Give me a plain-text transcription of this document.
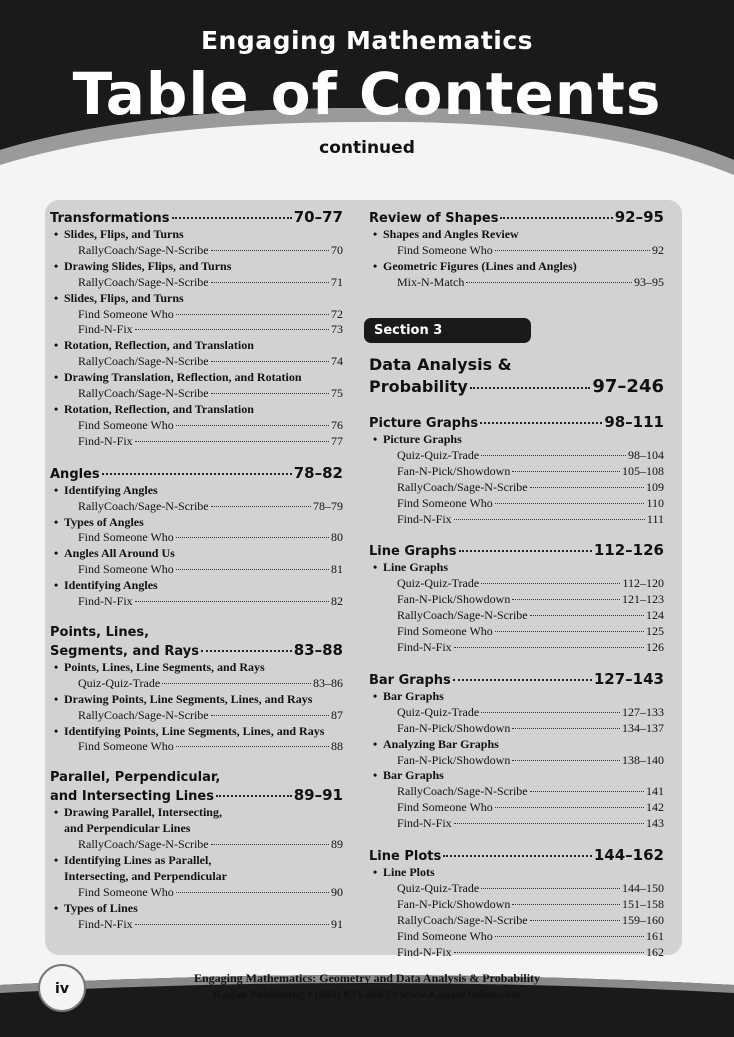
Engaging Mathematics
Table of Contents
continued
Transformations	70–77
• Slides, Flips, and Turns
RallyCoach/Sage-N-Scribe	70
• Drawing Slides, Flips, and Turns
RallyCoach/Sage-N-Scribe	71
• Slides, Flips, and Turns
Find Someone Who	72
Find-N-Fix	73
• Rotation, Reflection, and Translation
RallyCoach/Sage-N-Scribe	74
• Drawing Translation, Reflection, and Rotation
RallyCoach/Sage-N-Scribe	75
• Rotation, Reflection, and Translation
Find Someone Who	76
Find-N-Fix	77
Angles	78–82
• Identifying Angles
RallyCoach/Sage-N-Scribe	78–79
• Types of Angles
Find Someone Who	80
• Angles All Around Us
Find Someone Who	81
• Identifying Angles
Find-N-Fix	82
Points, Lines,
Segments, and Rays	83–88
• Points, Lines, Line Segments, and Rays
Quiz-Quiz-Trade	83–86
• Drawing Points, Line Segments, Lines, and Rays
RallyCoach/Sage-N-Scribe	87
• Identifying Points, Line Segments, Lines, and Rays
Find Someone Who	88
Parallel, Perpendicular,
and Intersecting Lines	89–91
• Drawing Parallel, Intersecting,
and Perpendicular Lines
RallyCoach/Sage-N-Scribe	89
• Identifying Lines as Parallel,
Intersecting, and Perpendicular
Find Someone Who	90
• Types of Lines
Find-N-Fix	91
Review of Shapes	92–95
• Shapes and Angles Review
Find Someone Who	92
• Geometric Figures (Lines and Angles)
Mix-N-Match	93–95
Section 3
Data Analysis &
Probability	97–246
Picture Graphs	98–111
• Picture Graphs
Quiz-Quiz-Trade	98–104
Fan-N-Pick/Showdown	105–108
RallyCoach/Sage-N-Scribe	109
Find Someone Who	110
Find-N-Fix	111
Line Graphs	112–126
• Line Graphs
Quiz-Quiz-Trade	112–120
Fan-N-Pick/Showdown	121–123
RallyCoach/Sage-N-Scribe	124
Find Someone Who	125
Find-N-Fix	126
Bar Graphs	127–143
• Bar Graphs
Quiz-Quiz-Trade	127–133
Fan-N-Pick/Showdown	134–137
• Analyzing Bar Graphs
Fan-N-Pick/Showdown	138–140
• Bar Graphs
RallyCoach/Sage-N-Scribe	141
Find Someone Who	142
Find-N-Fix	143
Line Plots	144–162
• Line Plots
Quiz-Quiz-Trade	144–150
Fan-N-Pick/Showdown	151–158
RallyCoach/Sage-N-Scribe	159–160
Find Someone Who	161
Find-N-Fix	162
iv
Engaging Mathematics: Geometry and Data Analysis & Probability
Kagan Publishing • (800) 933-2667 • www.KaganOnline.com
